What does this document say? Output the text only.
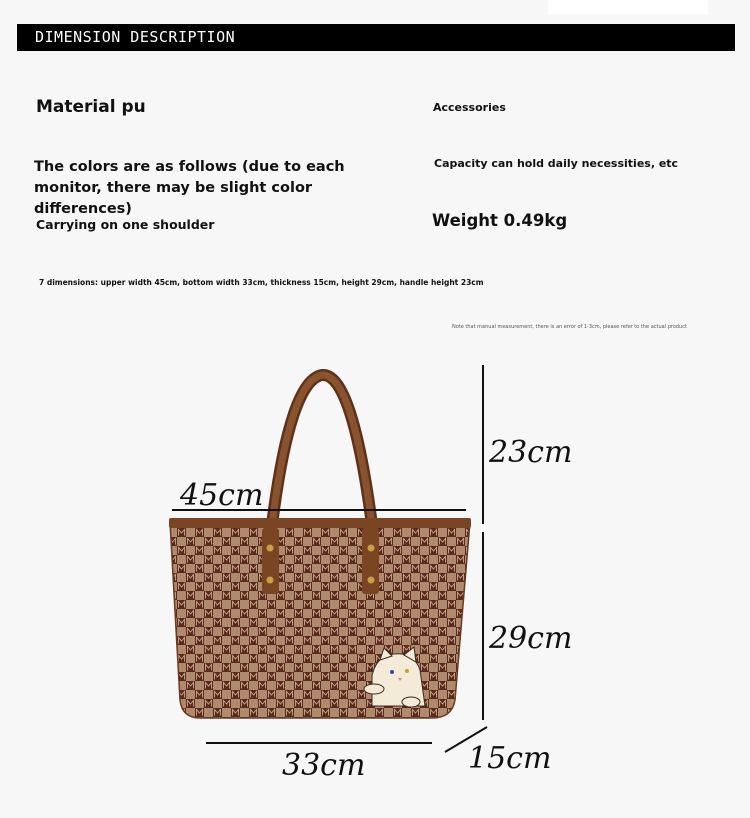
DIMENSION DESCRIPTION
Material pu	Accessories
The colors are as follows (due to each monitor, there may be slight color differences)
Capacity can hold daily necessities, etc
Carrying on one shoulder	Weight 0.49kg
7 dimensions: upper width 45cm, bottom width 33cm, thickness 15cm, height 29cm, handle height 23cm
Note that manual measurement, there is an error of 1-3cm, please refer to the actual product
23cm
45cm
29cm
33cm	15cm
